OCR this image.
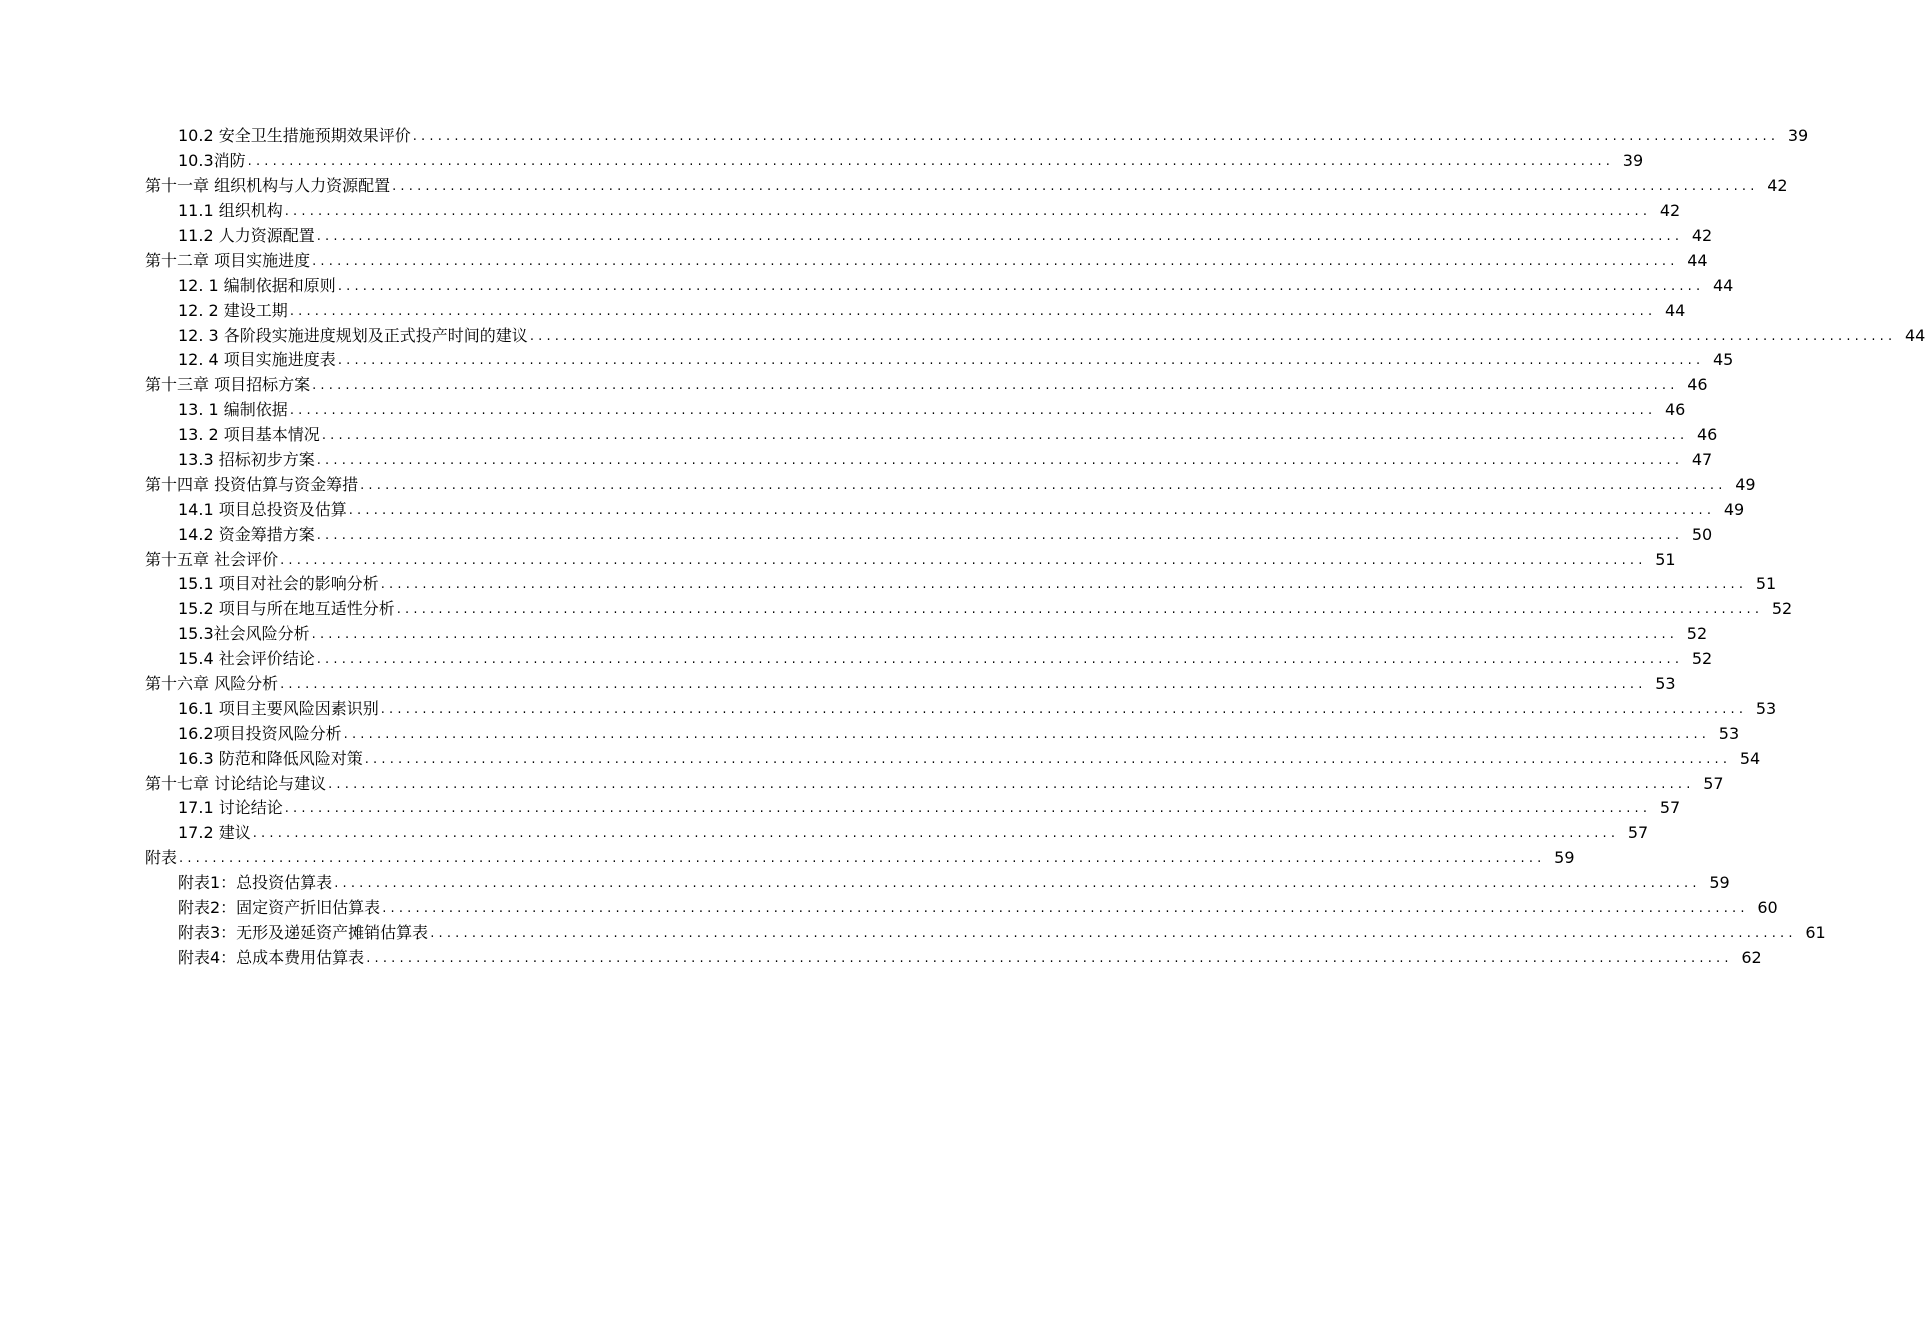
10.2 安全卫生措施预期效果评价 .................................................................................................................................................................... 39
10.3消防 .................................................................................................................................................................... 39
第十一章 组织机构与人力资源配置 .................................................................................................................................................................... 42
11.1 组织机构 .................................................................................................................................................................... 42
11.2 人力资源配置 .................................................................................................................................................................... 42
第十二章 项目实施进度 .................................................................................................................................................................... 44
12. 1 编制依据和原则 .................................................................................................................................................................... 44
12. 2 建设工期 .................................................................................................................................................................... 44
12. 3 各阶段实施进度规划及正式投产时间的建议 .................................................................................................................................................................... 44
12. 4 项目实施进度表 .................................................................................................................................................................... 45
第十三章 项目招标方案 .................................................................................................................................................................... 46
13. 1 编制依据 .................................................................................................................................................................... 46
13. 2 项目基本情况 .................................................................................................................................................................... 46
13.3 招标初步方案 .................................................................................................................................................................... 47
第十四章 投资估算与资金筹措 .................................................................................................................................................................... 49
14.1 项目总投资及估算 .................................................................................................................................................................... 49
14.2 资金筹措方案 .................................................................................................................................................................... 50
第十五章 社会评价 .................................................................................................................................................................... 51
15.1 项目对社会的影响分析 .................................................................................................................................................................... 51
15.2 项目与所在地互适性分析 .................................................................................................................................................................... 52
15.3社会风险分析 .................................................................................................................................................................... 52
15.4 社会评价结论 .................................................................................................................................................................... 52
第十六章 风险分析 .................................................................................................................................................................... 53
16.1 项目主要风险因素识别 .................................................................................................................................................................... 53
16.2项目投资风险分析 .................................................................................................................................................................... 53
16.3 防范和降低风险对策 .................................................................................................................................................................... 54
第十七章 讨论结论与建议 .................................................................................................................................................................... 57
17.1 讨论结论 .................................................................................................................................................................... 57
17.2 建议 .................................................................................................................................................................... 57
附表 .................................................................................................................................................................... 59
附表1：总投资估算表 .................................................................................................................................................................... 59
附表2：固定资产折旧估算表 .................................................................................................................................................................... 60
附表3：无形及递延资产摊销估算表 .................................................................................................................................................................... 61
附表4：总成本费用估算表 .................................................................................................................................................................... 62
